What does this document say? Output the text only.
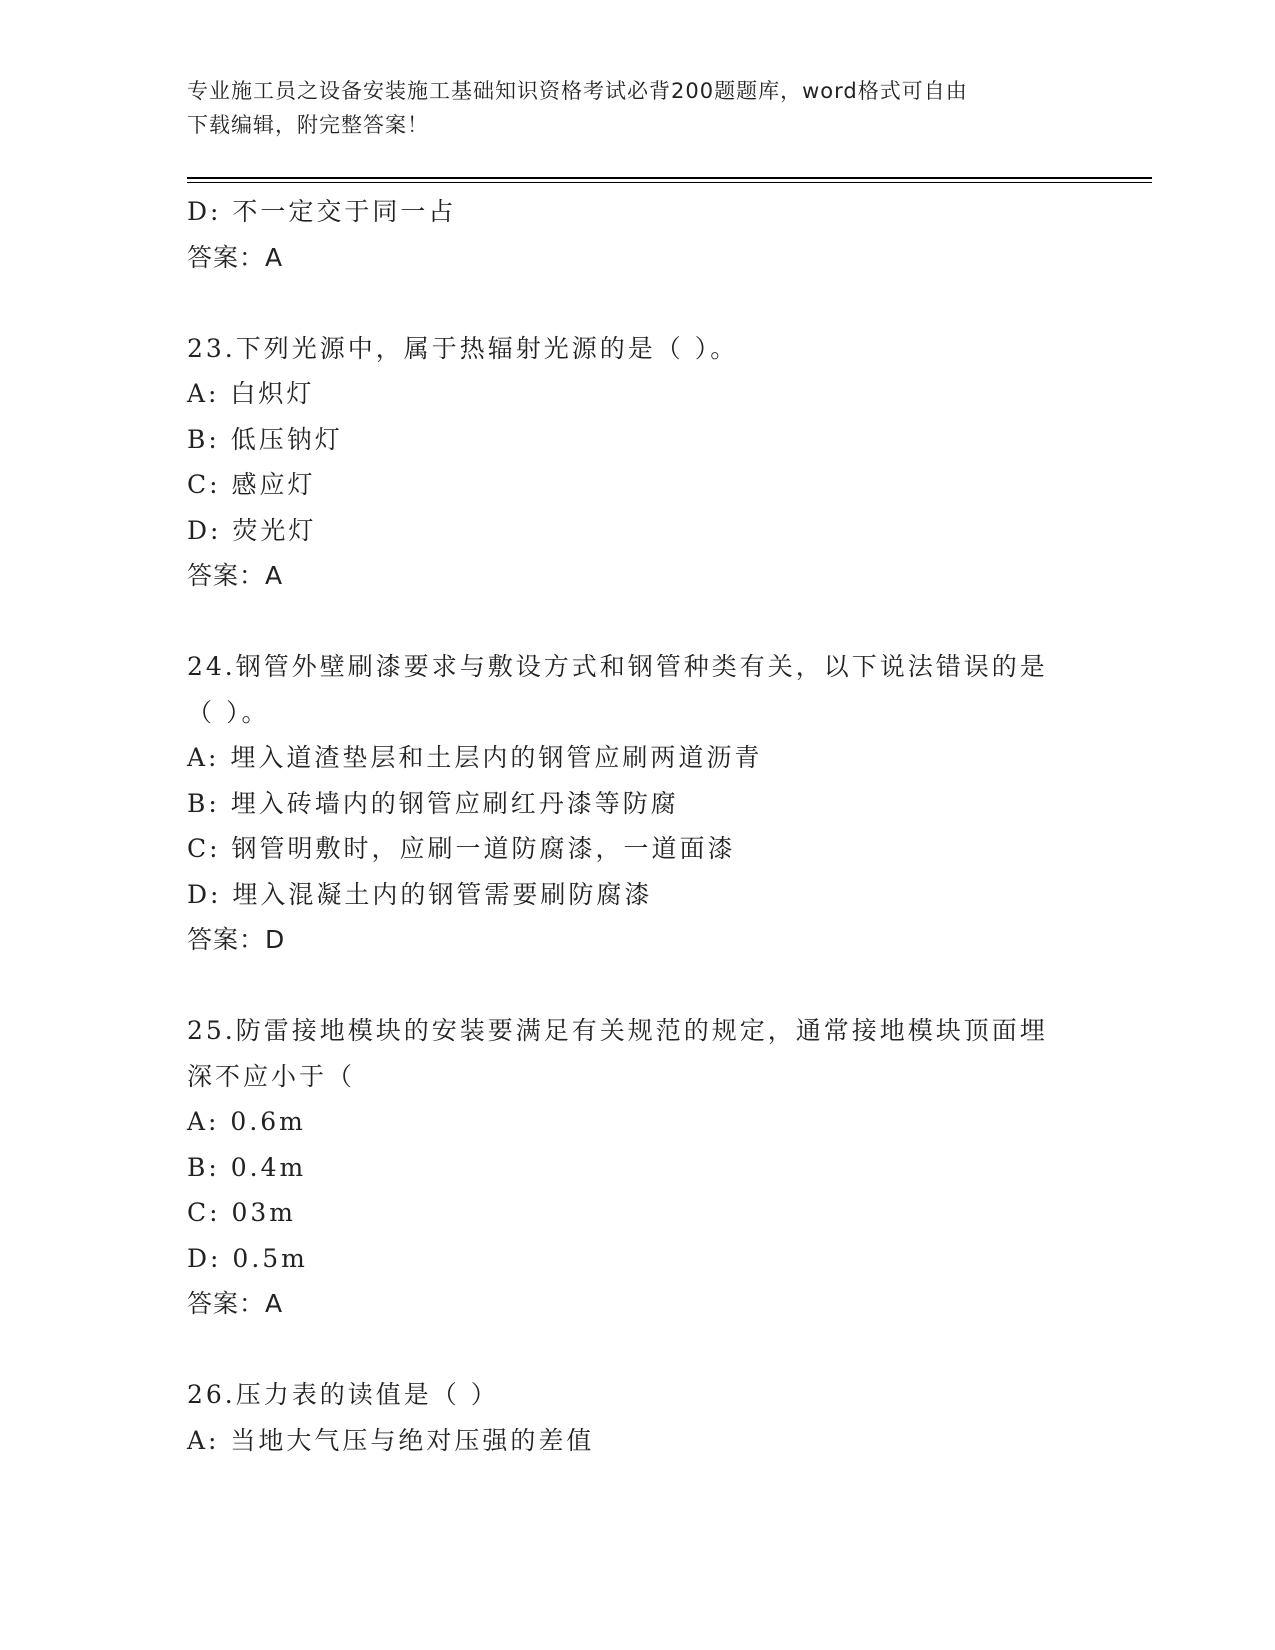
专业施工员之设备安装施工基础知识资格考试必背200题题库，word格式可自由
下载编辑，附完整答案！
D: 不一定交于同一占
答案：A
23.下列光源中，属于热辐射光源的是（ ）。
A: 白炽灯
B: 低压钠灯
C: 感应灯
D: 荧光灯
答案：A
24.钢管外壁刷漆要求与敷设方式和钢管种类有关，以下说法错误的是
（ ）。
A: 埋入道渣垫层和土层内的钢管应刷两道沥青
B: 埋入砖墙内的钢管应刷红丹漆等防腐
C: 钢管明敷时，应刷一道防腐漆，一道面漆
D: 埋入混凝土内的钢管需要刷防腐漆
答案：D
25.防雷接地模块的安装要满足有关规范的规定，通常接地模块顶面埋
深不应小于（
A: 0.6m
B: 0.4m
C: 03m
D: 0.5m
答案：A
26.压力表的读值是（ ）
A: 当地大气压与绝对压强的差值
